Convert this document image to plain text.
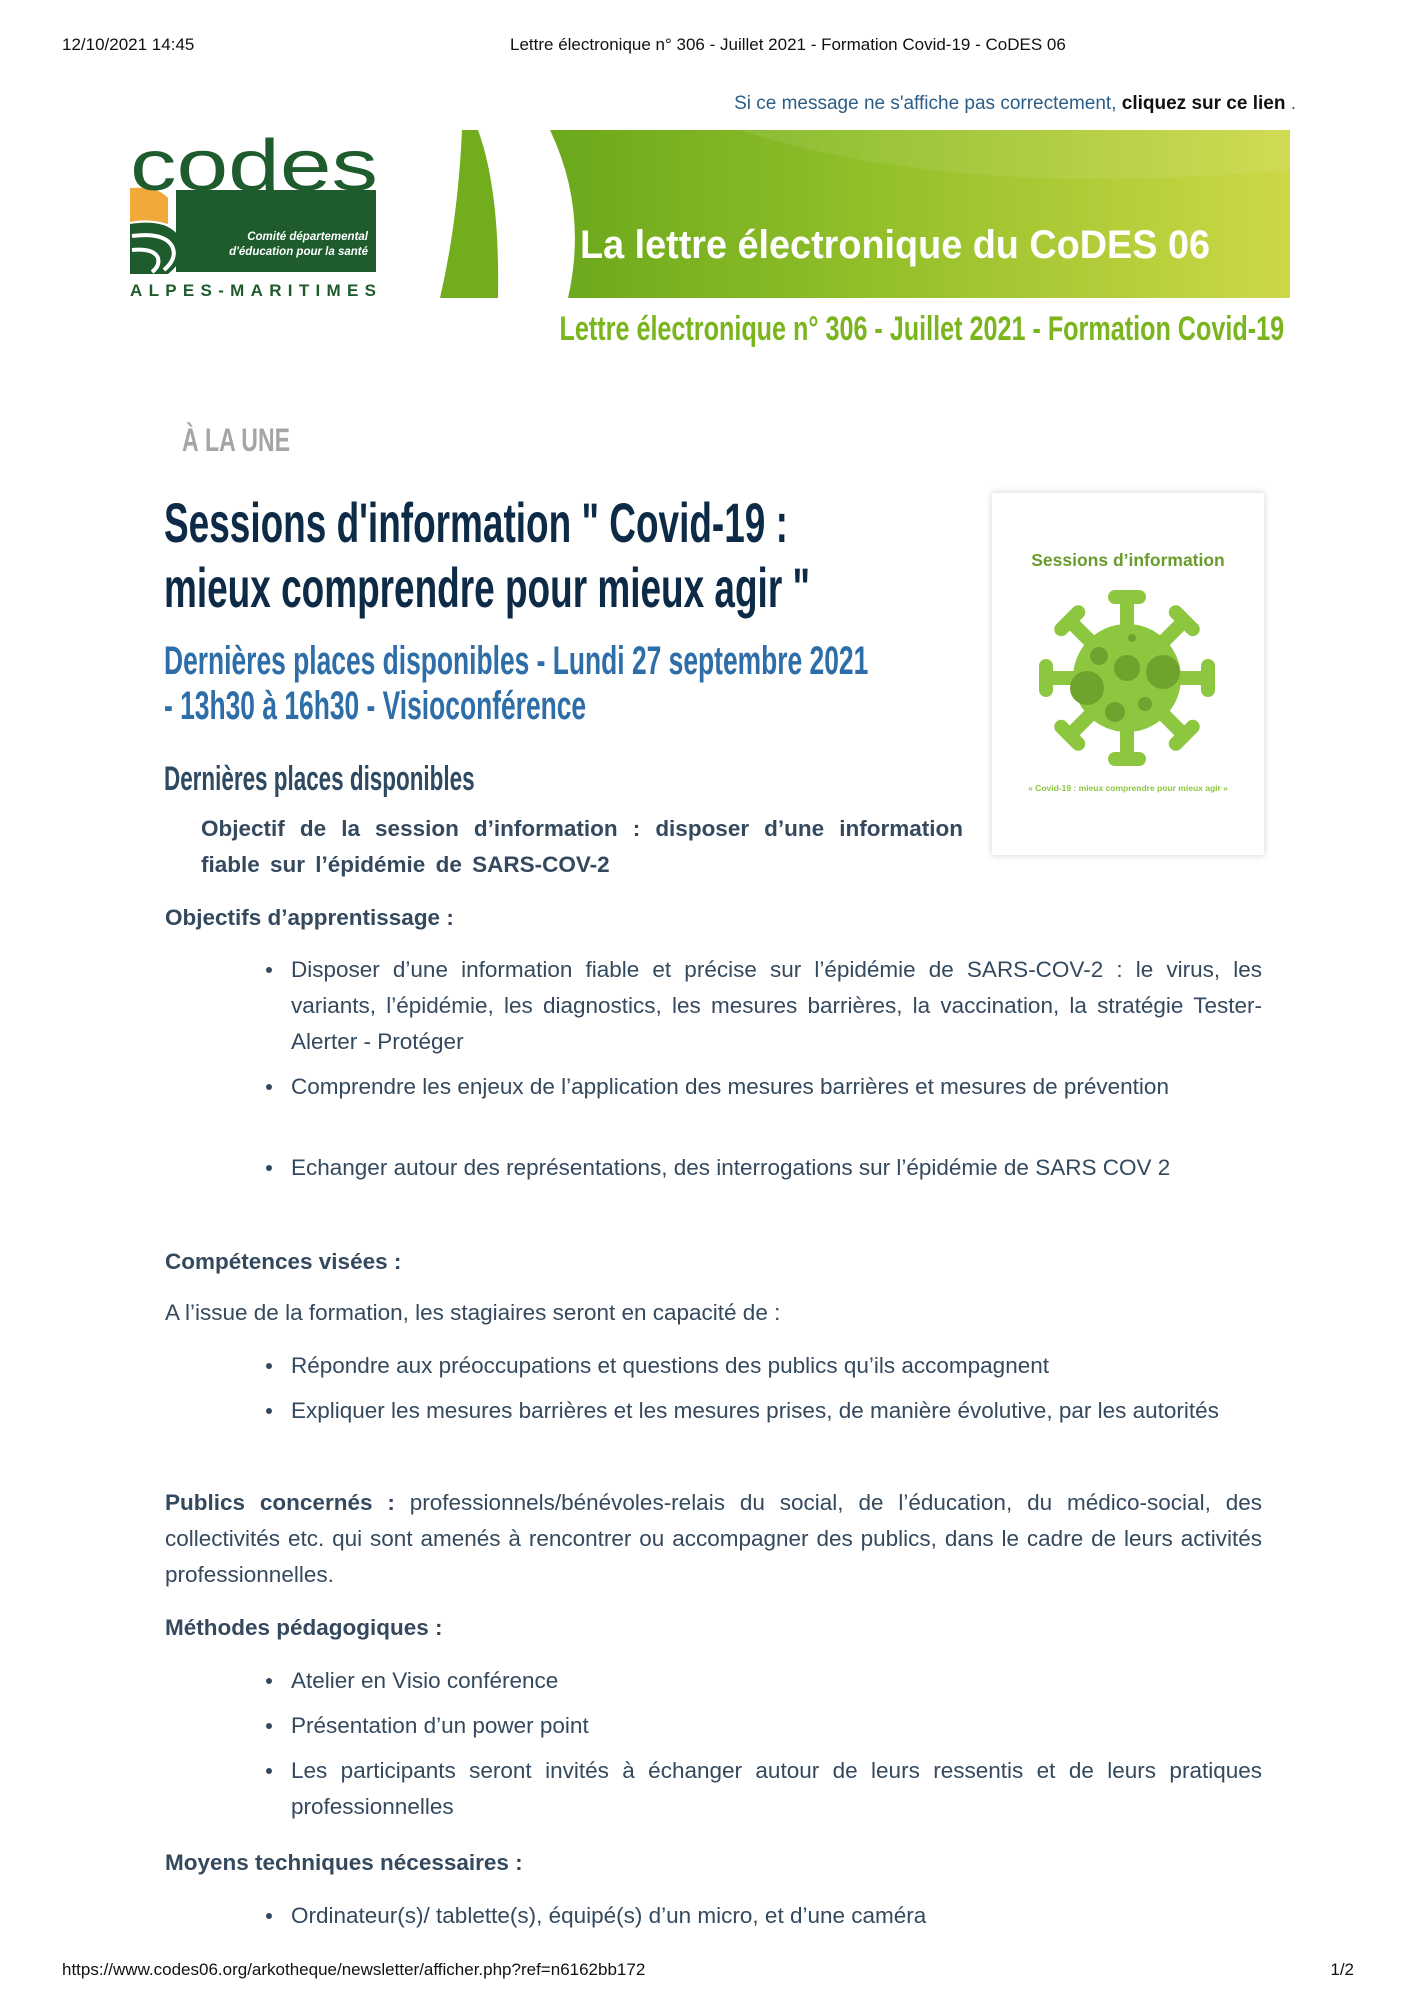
12/10/2021 14:45	Lettre électronique n° 306 - Juillet 2021 - Formation Covid-19 - CoDES 06
Si ce message ne s'affiche pas correctement, cliquez sur ce lien .
codes
Comité départemental
d'éducation pour la santé
ALPES-MARITIMES
La lettre électronique du CoDES 06
Lettre électronique n° 306 - Juillet 2021 - Formation Covid-19
À LA UNE
Sessions d'information " Covid-19 :
mieux comprendre pour mieux agir "
Dernières places disponibles - Lundi 27 septembre 2021
- 13h30 à 16h30 - Visioconférence
Dernières places disponibles
Objectif de la session d’information : disposer d’une information fiable sur l’épidémie de SARS-COV-2
Sessions d’information
« Covid-19 : mieux comprendre pour mieux agir »
Objectifs d’apprentissage :
Disposer d’une information fiable et précise sur l’épidémie de SARS-COV-2 : le virus, les variants, l’épidémie, les diagnostics, les mesures barrières, la vaccination, la stratégie Tester- Alerter - Protéger
Comprendre les enjeux de l’application des mesures barrières et mesures de prévention
Echanger autour des représentations, des interrogations sur l’épidémie de SARS COV 2
Compétences visées :
A l’issue de la formation, les stagiaires seront en capacité de :
Répondre aux préoccupations et questions des publics qu’ils accompagnent
Expliquer les mesures barrières et les mesures prises, de manière évolutive, par les autorités
Publics concernés : professionnels/bénévoles-relais du social, de l’éducation, du médico-social, des collectivités etc. qui sont amenés à rencontrer ou accompagner des publics, dans le cadre de leurs activités professionnelles.
Méthodes pédagogiques :
Atelier en Visio conférence
Présentation d’un power point
Les participants seront invités à échanger autour de leurs ressentis et de leurs pratiques professionnelles
Moyens techniques nécessaires :
Ordinateur(s)/ tablette(s), équipé(s) d’un micro, et d’une caméra
https://www.codes06.org/arkotheque/newsletter/afficher.php?ref=n6162bb172	1/2
